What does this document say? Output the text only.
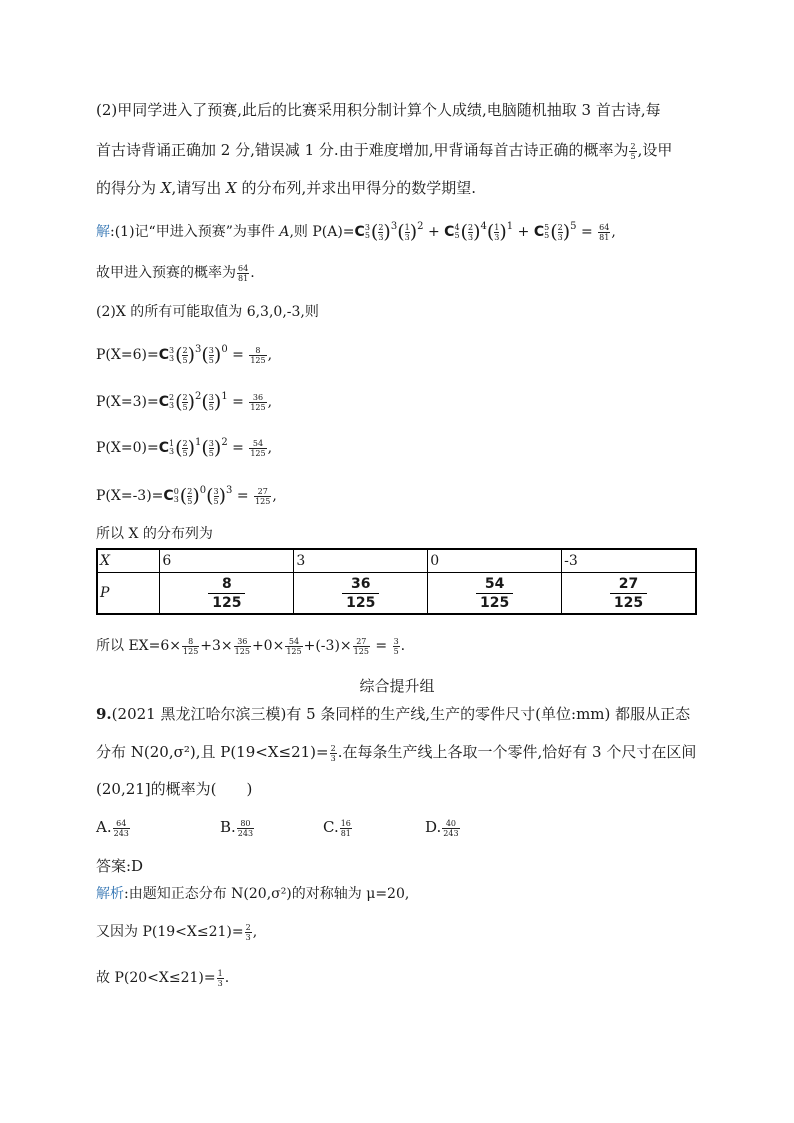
(2)甲同学进入了预赛,此后的比赛采用积分制计算个人成绩,电脑随机抽取 3 首古诗,每
首古诗背诵正确加 2 分,错误减 1 分.由于难度增加,甲背诵每首古诗正确的概率为 $\frac{2}{5}$ ,设甲
的得分为 X,请写出 X 的分布列,并求出甲得分的数学期望.
解:(1)记“甲进入预赛”为事件 A,则 P(A)=C 3
5 ( $\frac{2}{3} )^3( \frac{1}{3} )^2 + C$ 4
5 ( $\frac{2}{3} )^4( \frac{1}{3} )^1 + C$ 5
5 ( $\frac{2}{3} )^5 = \frac{64}{81}$ ,
故甲进入预赛的概率为 $\frac{64}{81}$ .
(2)X 的所有可能取值为 6,3,0,-3,则
P(X=6)=C 3
3 ( $\frac{2}{5} )^3( \frac{3}{5} )^0 = \frac{8}{125}$ ,
P(X=3)=C 2
3 ( $\frac{2}{5} )^2( \frac{3}{5} )^1 = \frac{36}{125}$ ,
P(X=0)=C 1
3 ( $\frac{2}{5} )^1( \frac{3}{5} )^2 = \frac{54}{125}$ ,
P(X=-3)=C 0
3 ( $\frac{2}{5} )^0( \frac{3}{5} )^3 = \frac{27}{125}$ ,
所以 X 的分布列为
X	6	3	0	-3
P	$\frac{8}{125}$	$\frac{36}{125}$	$\frac{54}{125}$	$\frac{27}{125}$
所以 $EX=6\times \frac{8}{125} +3\times \frac{36}{125} +0\times \frac{54}{125} +(-3)\times \frac{27}{125} = \frac{3}{5}$ .
综合提升组
9.(2021 黑龙江哈尔滨三模)有 5 条同样的生产线,生产的零件尺寸(单位:mm) 都服从正态
分布 N(20,σ²),且 $P(19<X\le 21)= \frac{2}{3}$ .在每条生产线上各取一个零件,恰好有 3 个尺寸在区间
(20,21]的概率为(　　)
A. $\frac{64}{243}$	B. $\frac{80}{243}$	C. $\frac{16}{81}$	D. $\frac{40}{243}$
答案:D
解析:由题知正态分布 N(20,σ²)的对称轴为 μ=20,
又因为 $P(19<X\le 21)= \frac{2}{3}$ ,
故 $P(20<X\le 21)= \frac{1}{3}$ .
